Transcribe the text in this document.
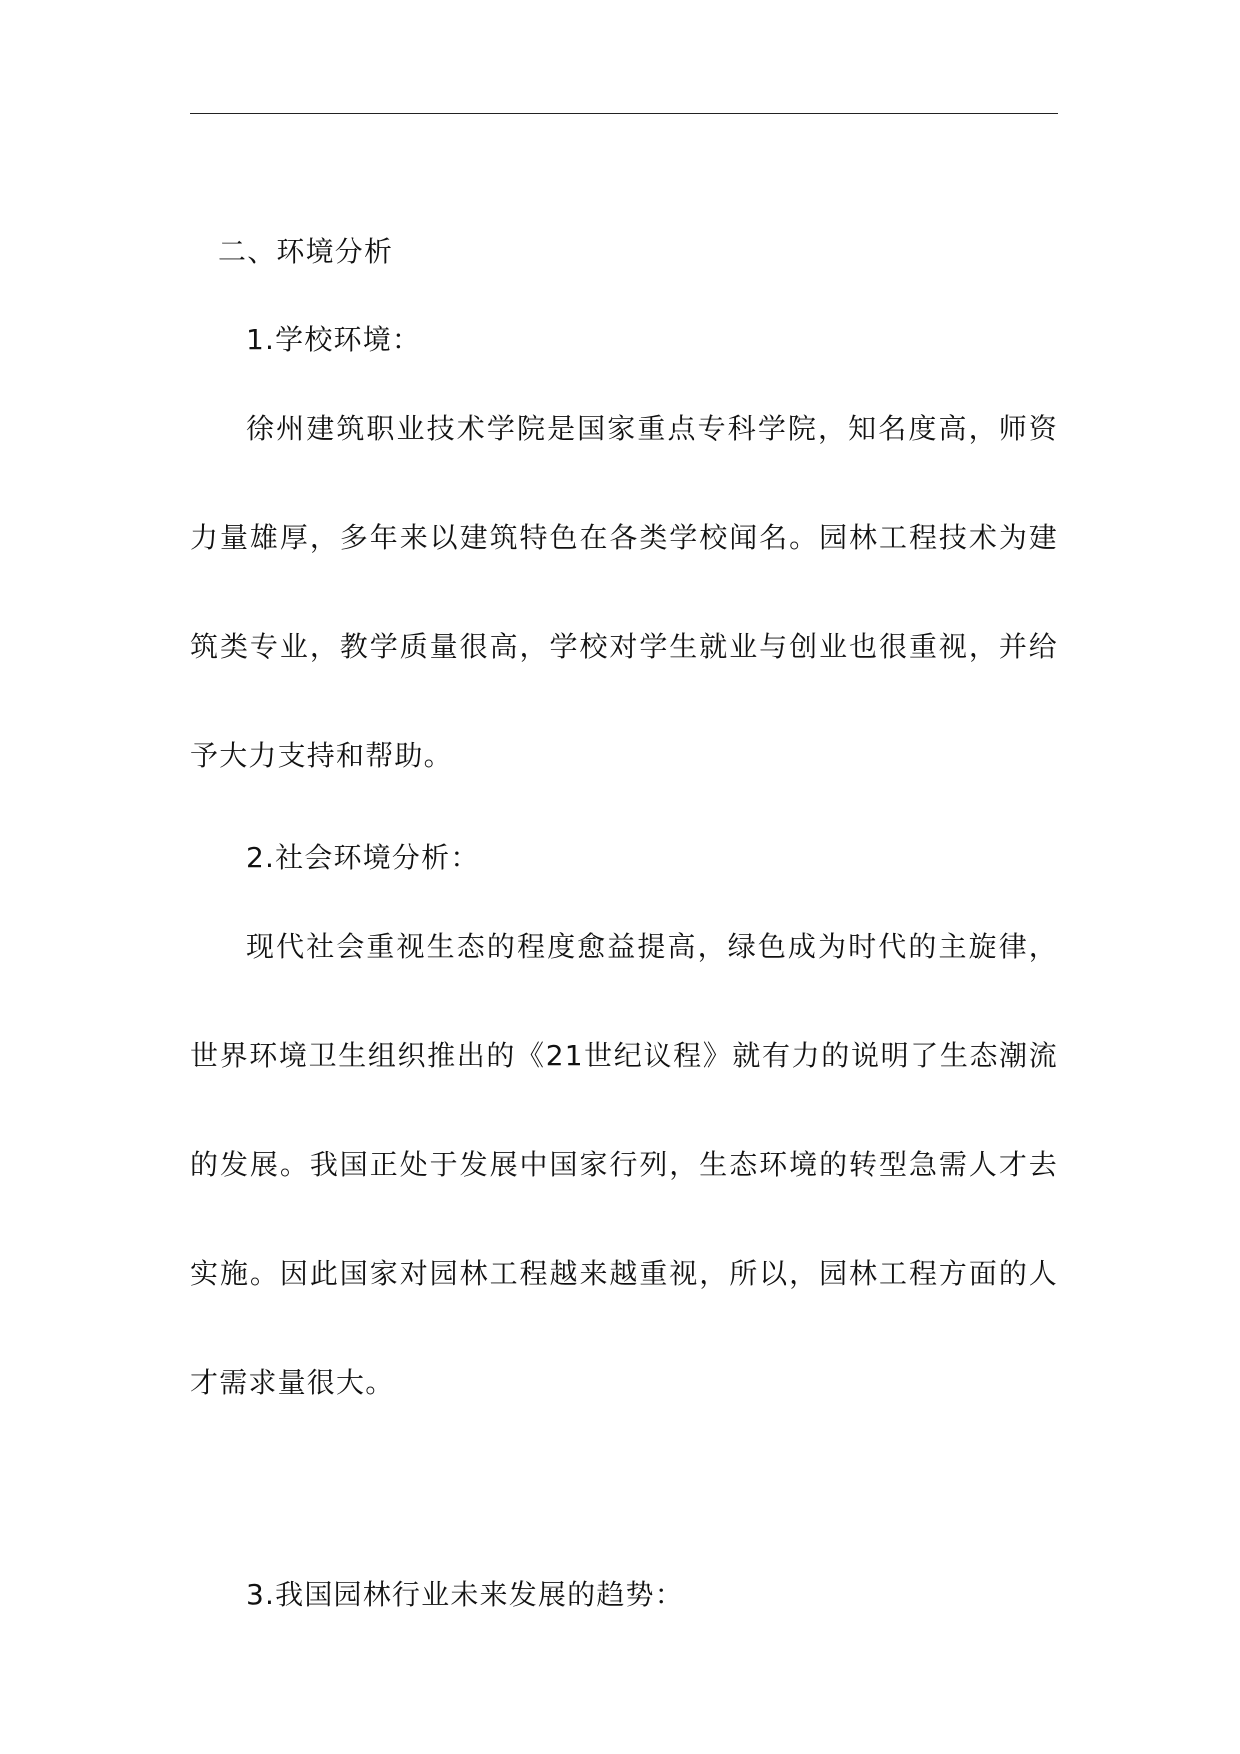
二、环境分析

1.学校环境：

徐州建筑职业技术学院是国家重点专科学院，知名度高，师资力量雄厚，多年来以建筑特色在各类学校闻名。园林工程技术为建筑类专业，教学质量很高，学校对学生就业与创业也很重视，并给予大力支持和帮助。

2.社会环境分析：

现代社会重视生态的程度愈益提高，绿色成为时代的主旋律，世界环境卫生组织推出的《21世纪议程》就有力的说明了生态潮流的发展。我国正处于发展中国家行列，生态环境的转型急需人才去实施。因此国家对园林工程越来越重视，所以，园林工程方面的人才需求量很大。

3.我国园林行业未来发展的趋势：
